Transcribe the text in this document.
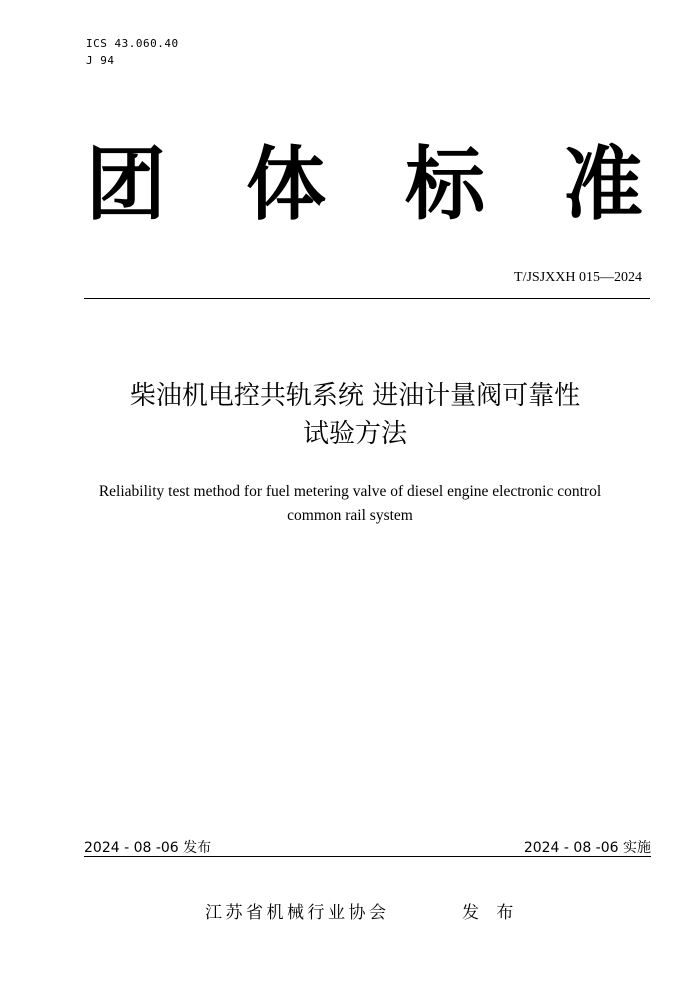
ICS 43.060.40
J 94
团 体 标 准
T/JSJXXH 015—2024
柴油机电控共轨系统 进油计量阀可靠性
试验方法
Reliability test method for fuel metering valve of diesel engine electronic control
common rail system
2024 - 08 -06 发布	2024 - 08 -06 实施
江苏省机械行业协会	发 布
